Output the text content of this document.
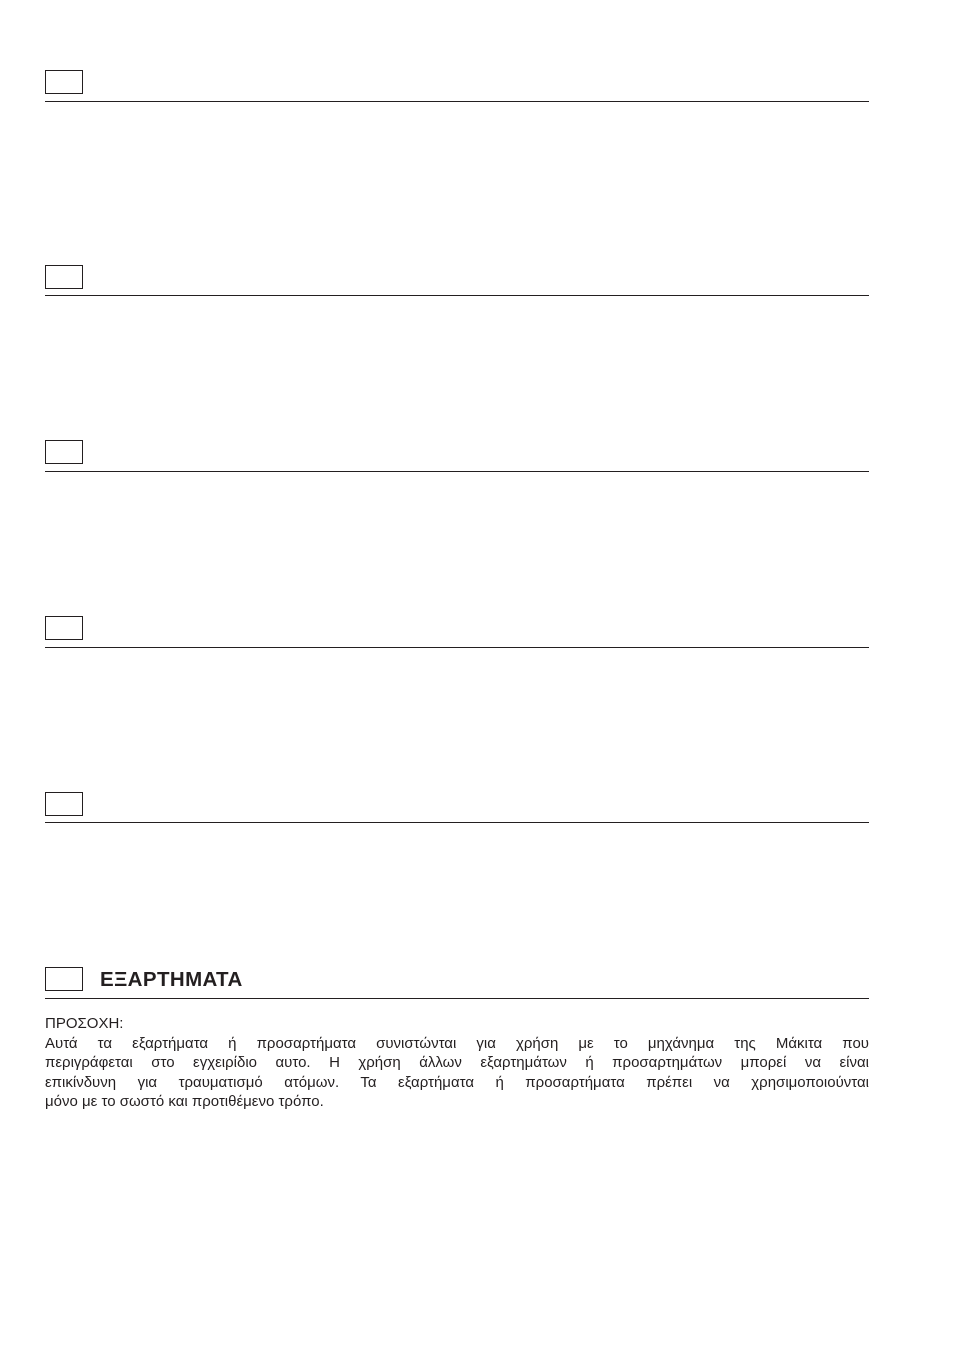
ΕΞΑΡΤΗΜΑΤΑ
ΠΡΟΣΟΧΗ:
Αυτά τα εξαρτήματα ή προσαρτήματα συνιστώνται για χρήση με το μηχάνημα της Μάκιτα που
περιγράφεται στο εγχειρίδιο αυτο. Η χρήση άλλων εξαρτημάτων ή προσαρτημάτων μπορεί να είναι
επικίνδυνη για τραυματισμό ατόμων. Τα εξαρτήματα ή προσαρτήματα πρέπει να χρησιμοποιούνται
μόνο με το σωστό και προτιθέμενο τρόπο.
